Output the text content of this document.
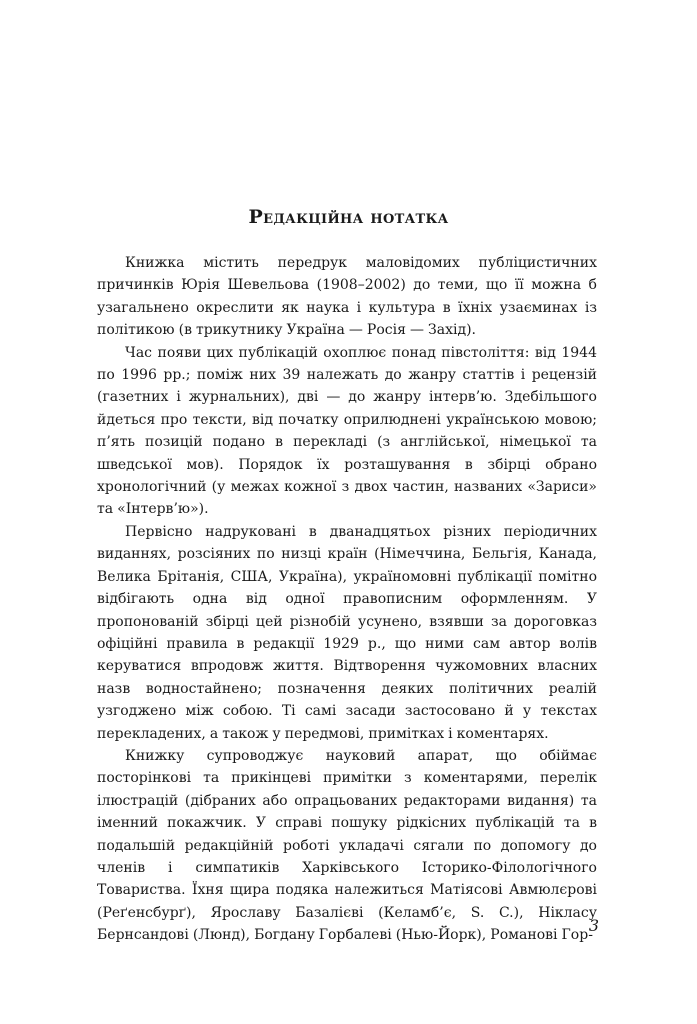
Редакційна нотатка

Книжка містить передрук маловідомих публіцистичних причинків Юрія Шевельова (1908–2002) до теми, що її можна б узагальнено окреслити як наука і культура в їхніх узаєминах із політикою (в трикутнику Україна — Росія — Захід).

Час появи цих публікацій охоплює понад півстоліття: від 1944 по 1996 рр.; поміж них 39 належать до жанру статтів і рецензій (газетних і журнальних), дві — до жанру інтерв’ю. Здебільшого йдеться про тексти, від початку оприлюднені українською мовою; п’ять позицій подано в перекладі (з англійської, німецької та шведської мов). Порядок їх розташування в збірці обрано хронологічний (у межах кожної з двох частин, названих «Зариси» та «Інтерв’ю»).

Первісно надруковані в дванадцятьох різних періодичних виданнях, розсіяних по низці країн (Німеччина, Бельгія, Канада, Велика Брітанія, США, Україна), україномовні публікації помітно відбігають одна від одної правописним оформленням. У пропонованій збірці цей різнобій усунено, взявши за дороговказ офіційні правила в редакції 1929 р., що ними сам автор волів керуватися впродовж життя. Відтворення чужомовних власних назв водностайнено; позначення деяких політичних реалій узгоджено між собою. Ті самі засади застосовано й у текстах перекладених, а також у передмові, примітках і коментарях.

Книжку супроводжує науковий апарат, що обіймає посторінкові та прикінцеві примітки з коментарями, перелік ілюстрацій (дібраних або опрацьованих редакторами видання) та іменний покажчик. У справі пошуку рідкісних публікацій та в подальшій редакційній роботі укладачі сягали по допомогу до членів і симпатиків Харківського Історико-Філологічного Товариства. Їхня щира подяка належиться Матіясові Авмюлєрові (Реґенсбурґ), Ярославу Базалієві (Келамб’є, S. C.), Нікласу Бернсандові (Люнд), Богдану Горбалеві (Нью-Йорк), Романові Гор-

3
